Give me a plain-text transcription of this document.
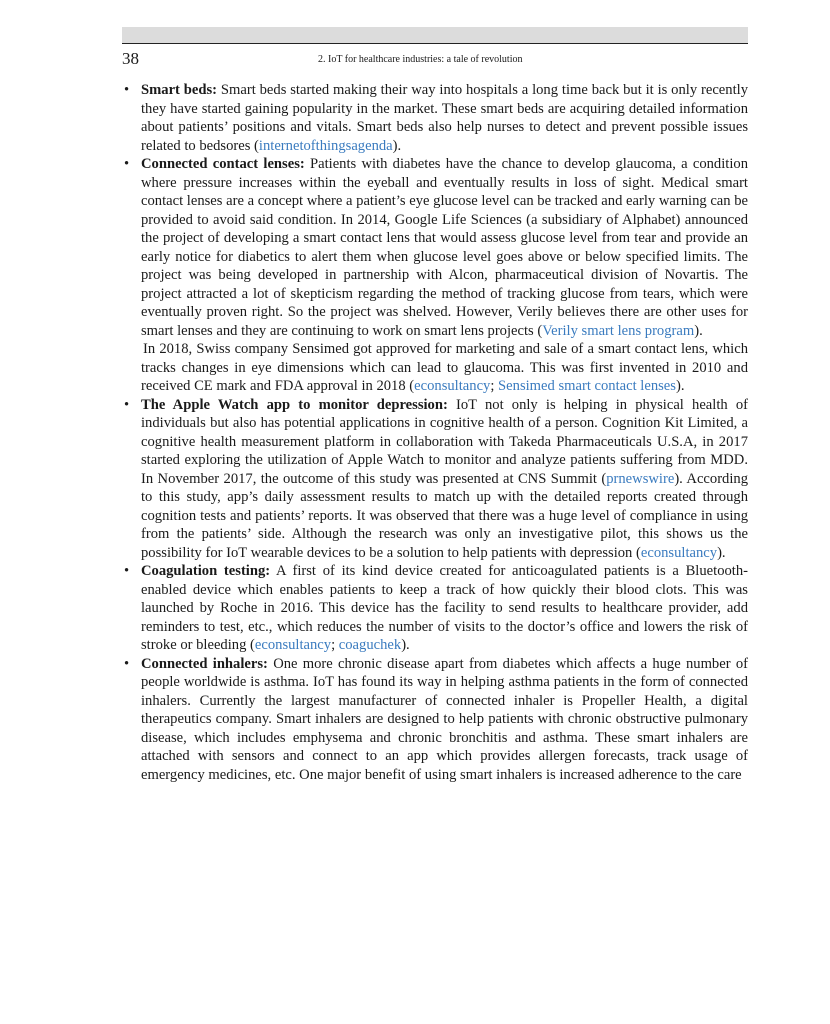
38	2. IoT for healthcare industries: a tale of revolution
• Smart beds: Smart beds started making their way into hospitals a long time back but it is only recently they have started gaining popularity in the market. These smart beds are acquiring detailed information about patients’ positions and vitals. Smart beds also help nurses to detect and prevent possible issues related to bedsores (internetofthingsagenda).
• Connected contact lenses: Patients with diabetes have the chance to develop glaucoma, a condition where pressure increases within the eyeball and eventually results in loss of sight. Medical smart contact lenses are a concept where a patient’s eye glucose level can be tracked and early warning can be provided to avoid said condition. In 2014, Google Life Sciences (a subsidiary of Alphabet) announced the project of developing a smart contact lens that would assess glucose level from tear and provide an early notice for diabetics to alert them when glucose level goes above or below specified limits. The project was being developed in partnership with Alcon, pharmaceutical division of Novartis. The project attracted a lot of skepticism regarding the method of tracking glucose from tears, which were eventually proven right. So the project was shelved. However, Verily believes there are other uses for smart lenses and they are continuing to work on smart lens projects (Verily smart lens program).
In 2018, Swiss company Sensimed got approved for marketing and sale of a smart contact lens, which tracks changes in eye dimensions which can lead to glaucoma. This was first invented in 2010 and received CE mark and FDA approval in 2018 (econsultancy; Sensimed smart contact lenses).
• The Apple Watch app to monitor depression: IoT not only is helping in physical health of individuals but also has potential applications in cognitive health of a person. Cognition Kit Limited, a cognitive health measurement platform in collaboration with Takeda Pharmaceuticals U.S.A, in 2017 started exploring the utilization of Apple Watch to monitor and analyze patients suffering from MDD. In November 2017, the outcome of this study was presented at CNS Summit (prnewswire). According to this study, app’s daily assessment results to match up with the detailed reports created through cognition tests and patients’ reports. It was observed that there was a huge level of compliance in using from the patients’ side. Although the research was only an investigative pilot, this shows us the possibility for IoT wearable devices to be a solution to help patients with depression (econsultancy).
• Coagulation testing: A first of its kind device created for anticoagulated patients is a Bluetooth-enabled device which enables patients to keep a track of how quickly their blood clots. This was launched by Roche in 2016. This device has the facility to send results to healthcare provider, add reminders to test, etc., which reduces the number of visits to the doctor’s office and lowers the risk of stroke or bleeding (econsultancy; coaguchek).
• Connected inhalers: One more chronic disease apart from diabetes which affects a huge number of people worldwide is asthma. IoT has found its way in helping asthma patients in the form of connected inhalers. Currently the largest manufacturer of connected inhaler is Propeller Health, a digital therapeutics company. Smart inhalers are designed to help patients with chronic obstructive pulmonary disease, which includes emphysema and chronic bronchitis and asthma. These smart inhalers are attached with sensors and connect to an app which provides allergen forecasts, track usage of emergency medicines, etc. One major benefit of using smart inhalers is increased adherence to the care
